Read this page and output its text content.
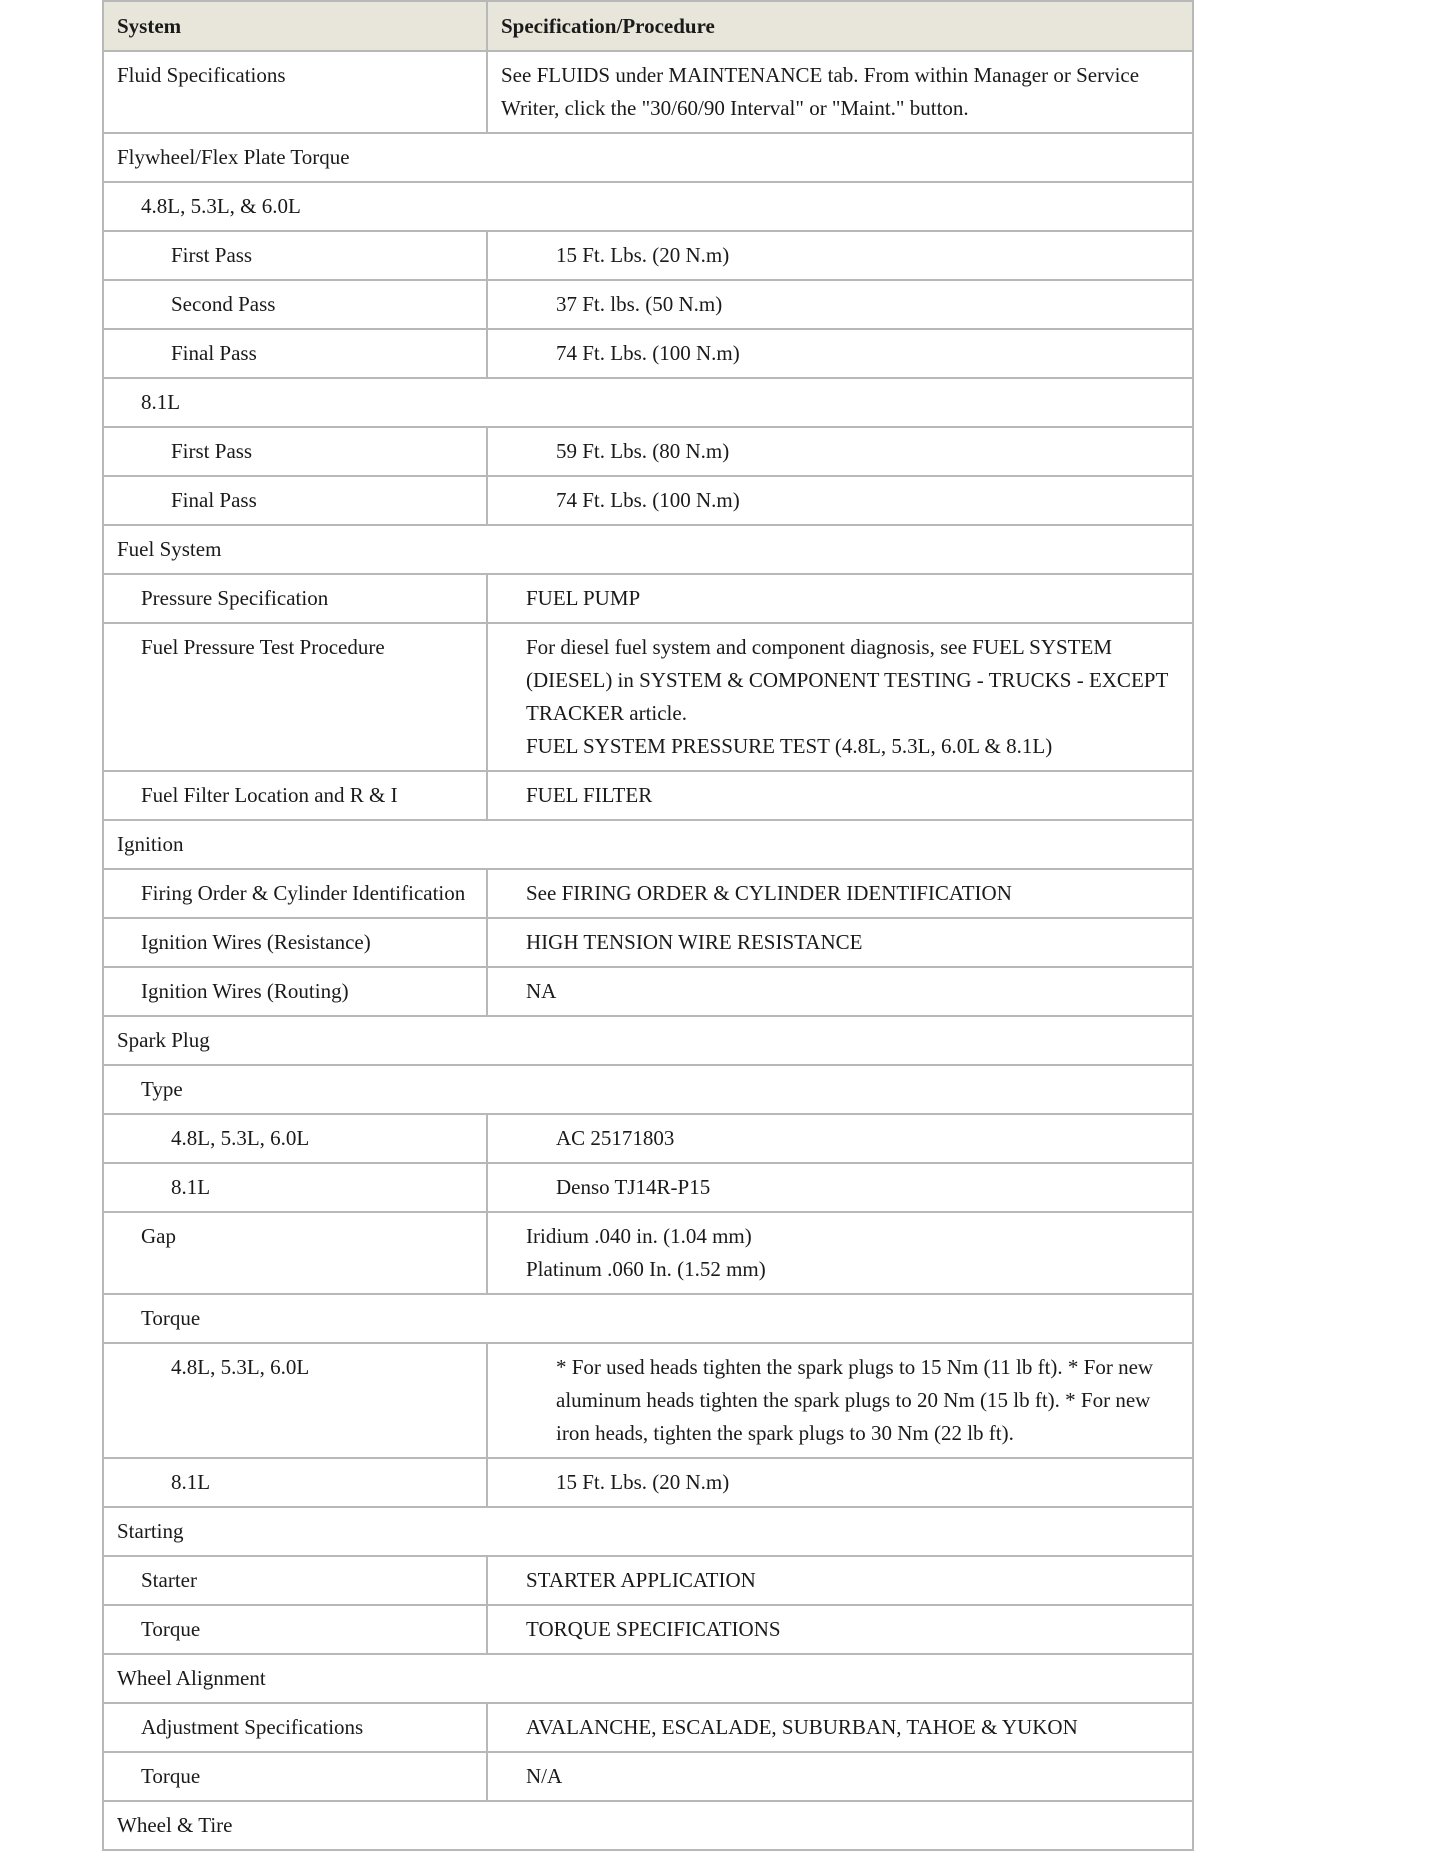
System	Specification/Procedure
Fluid Specifications	See FLUIDS under MAINTENANCE tab. From within Manager or Service Writer, click the "30/60/90 Interval" or "Maint." button.

Flywheel/Flex Plate Torque	
4.8L, 5.3L, & 6.0L	
First Pass	15 Ft. Lbs. (20 N.m)

Second Pass	37 Ft. lbs. (50 N.m)

Final Pass	74 Ft. Lbs. (100 N.m)

8.1L	
First Pass	59 Ft. Lbs. (80 N.m)

Final Pass	74 Ft. Lbs. (100 N.m)

Fuel System	
Pressure Specification	FUEL PUMP

Fuel Pressure Test Procedure	For diesel fuel system and component diagnosis, see FUEL SYSTEM (DIESEL) in SYSTEM & COMPONENT TESTING - TRUCKS - EXCEPT TRACKER article.
FUEL SYSTEM PRESSURE TEST (4.8L, 5.3L, 6.0L & 8.1L)

Fuel Filter Location and R & I	FUEL FILTER

Ignition	
Firing Order & Cylinder Identification	See FIRING ORDER & CYLINDER IDENTIFICATION

Ignition Wires (Resistance)	HIGH TENSION WIRE RESISTANCE

Ignition Wires (Routing)	NA

Spark Plug	
Type	
4.8L, 5.3L, 6.0L	AC 25171803

8.1L	Denso TJ14R-P15

Gap	Iridium .040 in. (1.04 mm)
Platinum .060 In. (1.52 mm)

Torque	
4.8L, 5.3L, 6.0L	* For used heads tighten the spark plugs to 15 Nm (11 lb ft). * For new aluminum heads tighten the spark plugs to 20 Nm (15 lb ft). * For new iron heads, tighten the spark plugs to 30 Nm (22 lb ft).

8.1L	15 Ft. Lbs. (20 N.m)

Starting	
Starter	STARTER APPLICATION

Torque	TORQUE SPECIFICATIONS

Wheel Alignment	
Adjustment Specifications	AVALANCHE, ESCALADE, SUBURBAN, TAHOE & YUKON

Torque	N/A

Wheel & Tire	
